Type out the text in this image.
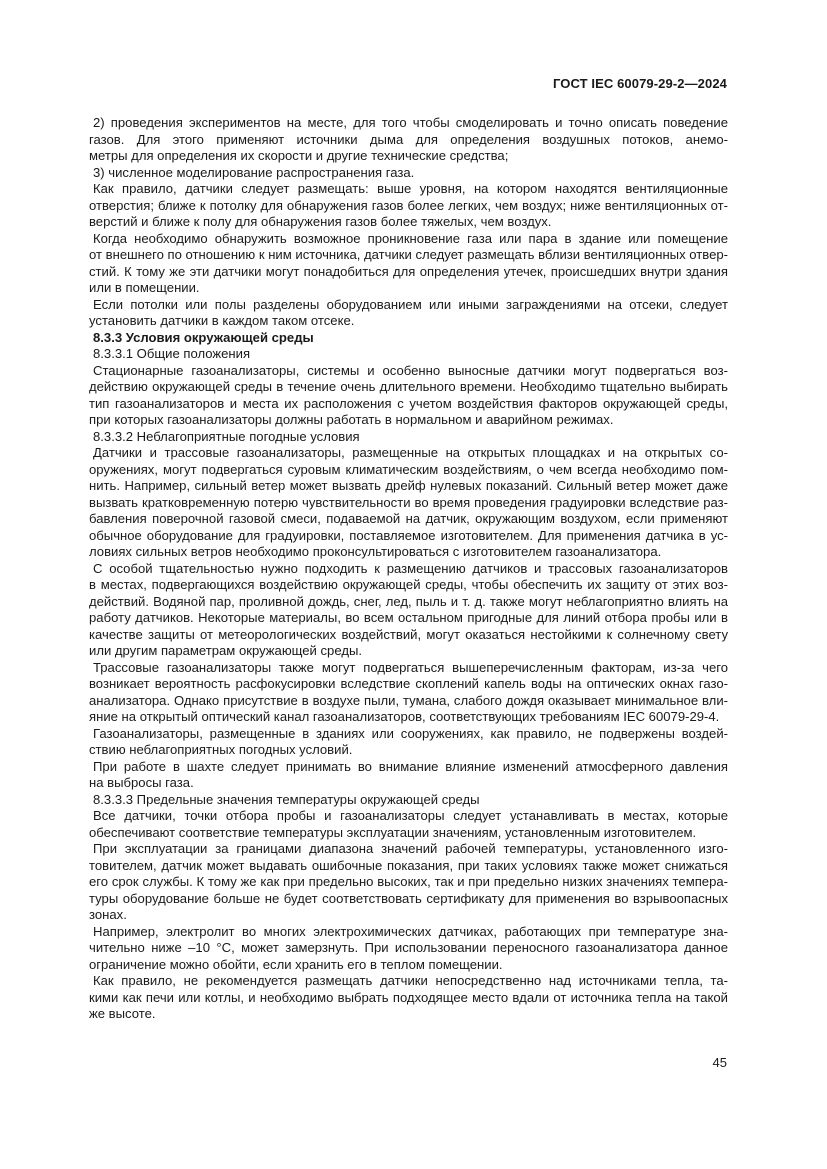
ГОСТ IEC 60079-29-2—2024
2) проведения экспериментов на месте, для того чтобы смоделировать и точно описать поведение
газов. Для этого применяют источники дыма для определения воздушных потоков, анемо-
метры для определения их скорости и другие технические средства;
3) численное моделирование распространения газа.
Как правило, датчики следует размещать: выше уровня, на котором находятся вентиляционные
отверстия; ближе к потолку для обнаружения газов более легких, чем воздух; ниже вентиляционных от-
верстий и ближе к полу для обнаружения газов более тяжелых, чем воздух.
Когда необходимо обнаружить возможное проникновение газа или пара в здание или помещение
от внешнего по отношению к ним источника, датчики следует размещать вблизи вентиляционных отвер-
стий. К тому же эти датчики могут понадобиться для определения утечек, происшедших внутри здания
или в помещении.
Если потолки или полы разделены оборудованием или иными заграждениями на отсеки, следует
установить датчики в каждом таком отсеке.
8.3.3 Условия окружающей среды
8.3.3.1 Общие положения
Стационарные газоанализаторы, системы и особенно выносные датчики могут подвергаться воз-
действию окружающей среды в течение очень длительного времени. Необходимо тщательно выбирать
тип газоанализаторов и места их расположения с учетом воздействия факторов окружающей среды,
при которых газоанализаторы должны работать в нормальном и аварийном режимах.
8.3.3.2 Неблагоприятные погодные условия
Датчики и трассовые газоанализаторы, размещенные на открытых площадках и на открытых со-
оружениях, могут подвергаться суровым климатическим воздействиям, о чем всегда необходимо пом-
нить. Например, сильный ветер может вызвать дрейф нулевых показаний. Сильный ветер может даже
вызвать кратковременную потерю чувствительности во время проведения градуировки вследствие раз-
бавления поверочной газовой смеси, подаваемой на датчик, окружающим воздухом, если применяют
обычное оборудование для градуировки, поставляемое изготовителем. Для применения датчика в ус-
ловиях сильных ветров необходимо проконсультироваться с изготовителем газоанализатора.
С особой тщательностью нужно подходить к размещению датчиков и трассовых газоанализаторов
в местах, подвергающихся воздействию окружающей среды, чтобы обеспечить их защиту от этих воз-
действий. Водяной пар, проливной дождь, снег, лед, пыль и т. д. также могут неблагоприятно влиять на
работу датчиков. Некоторые материалы, во всем остальном пригодные для линий отбора пробы или в
качестве защиты от метеорологических воздействий, могут оказаться нестойкими к солнечному свету
или другим параметрам окружающей среды.
Трассовые газоанализаторы также могут подвергаться вышеперечисленным факторам, из-за чего
возникает вероятность расфокусировки вследствие скоплений капель воды на оптических окнах газо-
анализатора. Однако присутствие в воздухе пыли, тумана, слабого дождя оказывает минимальное вли-
яние на открытый оптический канал газоанализаторов, соответствующих требованиям IEC 60079-29-4.
Газоанализаторы, размещенные в зданиях или сооружениях, как правило, не подвержены воздей-
ствию неблагоприятных погодных условий.
При работе в шахте следует принимать во внимание влияние изменений атмосферного давления
на выбросы газа.
8.3.3.3 Предельные значения температуры окружающей среды
Все датчики, точки отбора пробы и газоанализаторы следует устанавливать в местах, которые
обеспечивают соответствие температуры эксплуатации значениям, установленным изготовителем.
При эксплуатации за границами диапазона значений рабочей температуры, установленного изго-
товителем, датчик может выдавать ошибочные показания, при таких условиях также может снижаться
его срок службы. К тому же как при предельно высоких, так и при предельно низких значениях темпера-
туры оборудование больше не будет соответствовать сертификату для применения во взрывоопасных
зонах.
Например, электролит во многих электрохимических датчиках, работающих при температуре зна-
чительно ниже –10 °С, может замерзнуть. При использовании переносного газоанализатора данное
ограничение можно обойти, если хранить его в теплом помещении.
Как правило, не рекомендуется размещать датчики непосредственно над источниками тепла, та-
кими как печи или котлы, и необходимо выбрать подходящее место вдали от источника тепла на такой
же высоте.
45
